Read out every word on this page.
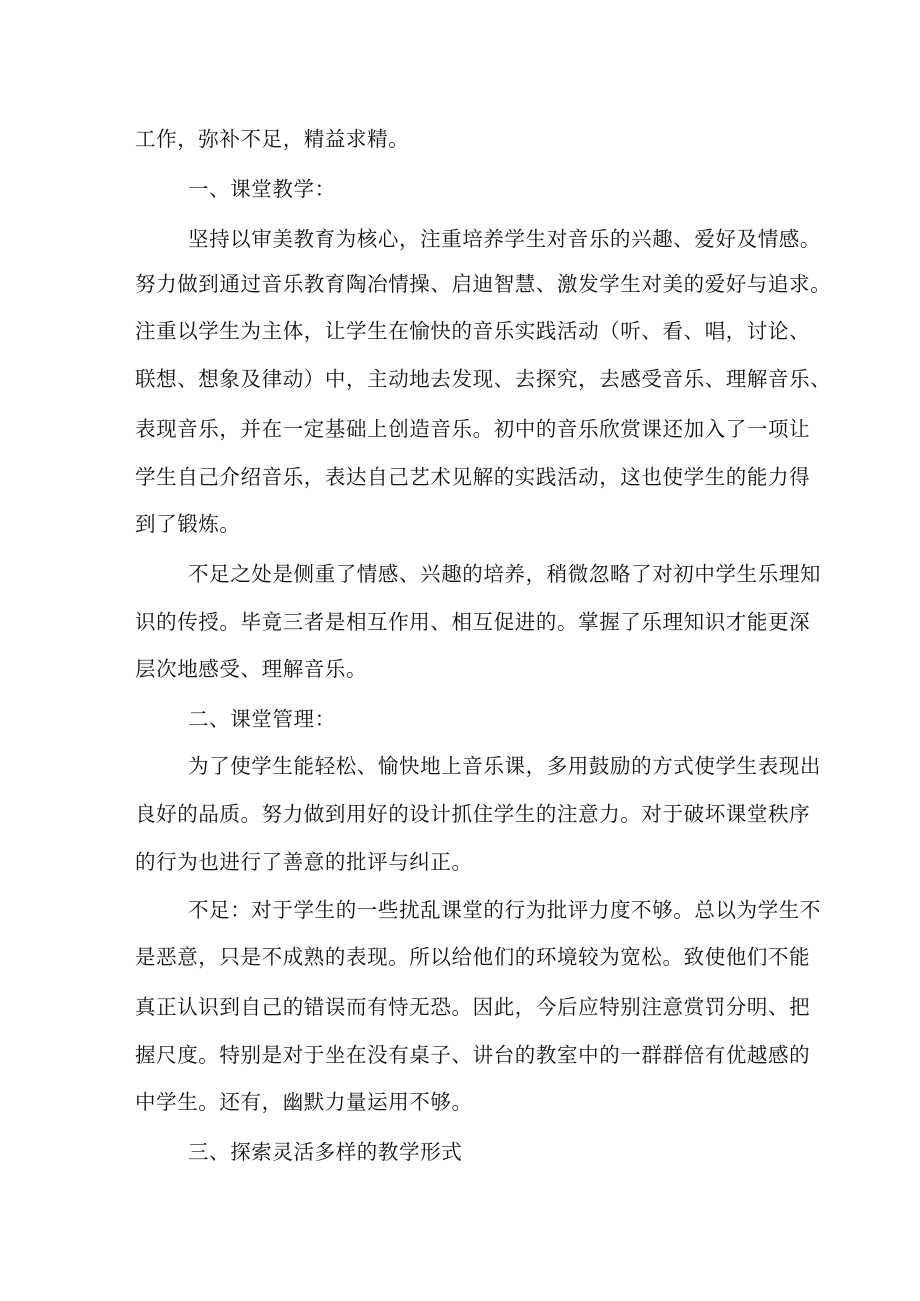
工作，弥补不足，精益求精。
一、课堂教学：
坚持以审美教育为核心，注重培养学生对音乐的兴趣、爱好及情感。
努力做到通过音乐教育陶冶情操、启迪智慧、激发学生对美的爱好与追求。
注重以学生为主体，让学生在愉快的音乐实践活动（听、看、唱，讨论、
联想、想象及律动）中，主动地去发现、去探究，去感受音乐、理解音乐、
表现音乐，并在一定基础上创造音乐。初中的音乐欣赏课还加入了一项让
学生自己介绍音乐，表达自己艺术见解的实践活动，这也使学生的能力得
到了锻炼。
不足之处是侧重了情感、兴趣的培养，稍微忽略了对初中学生乐理知
识的传授。毕竟三者是相互作用、相互促进的。掌握了乐理知识才能更深
层次地感受、理解音乐。
二、课堂管理：
为了使学生能轻松、愉快地上音乐课，多用鼓励的方式使学生表现出
良好的品质。努力做到用好的设计抓住学生的注意力。对于破坏课堂秩序
的行为也进行了善意的批评与纠正。
不足：对于学生的一些扰乱课堂的行为批评力度不够。总以为学生不
是恶意，只是不成熟的表现。所以给他们的环境较为宽松。致使他们不能
真正认识到自己的错误而有恃无恐。因此，今后应特别注意赏罚分明、把
握尺度。特别是对于坐在没有桌子、讲台的教室中的一群群倍有优越感的
中学生。还有，幽默力量运用不够。
三、探索灵活多样的教学形式
